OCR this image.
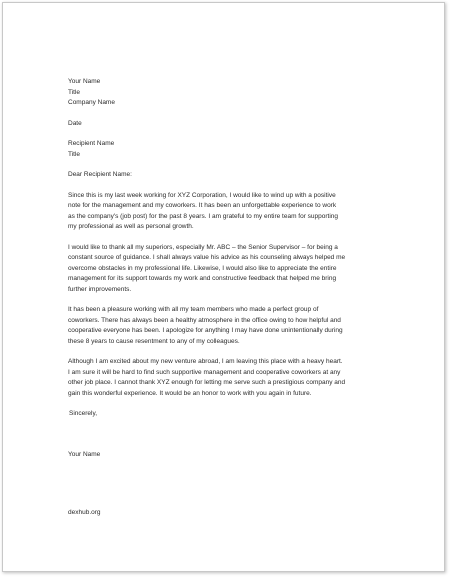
Your Name
Title
Company Name
Date
Recipient Name
Title
Dear Recipient Name:
Since this is my last week working for XYZ Corporation, I would like to wind up with a positive
note for the management and my coworkers. It has been an unforgettable experience to work
as the company's (job post) for the past 8 years. I am grateful to my entire team for supporting
my professional as well as personal growth.
I would like to thank all my superiors, especially Mr. ABC – the Senior Supervisor – for being a
constant source of guidance. I shall always value his advice as his counseling always helped me
overcome obstacles in my professional life. Likewise, I would also like to appreciate the entire
management for its support towards my work and constructive feedback that helped me bring
further improvements.
It has been a pleasure working with all my team members who made a perfect group of
coworkers. There has always been a healthy atmosphere in the office owing to how helpful and
cooperative everyone has been. I apologize for anything I may have done unintentionally during
these 8 years to cause resentment to any of my colleagues.
Although I am excited about my new venture abroad, I am leaving this place with a heavy heart.
I am sure it will be hard to find such supportive management and cooperative coworkers at any
other job place. I cannot thank XYZ enough for letting me serve such a prestigious company and
gain this wonderful experience. It would be an honor to work with you again in future.
Sincerely,
Your Name
dexhub.org
